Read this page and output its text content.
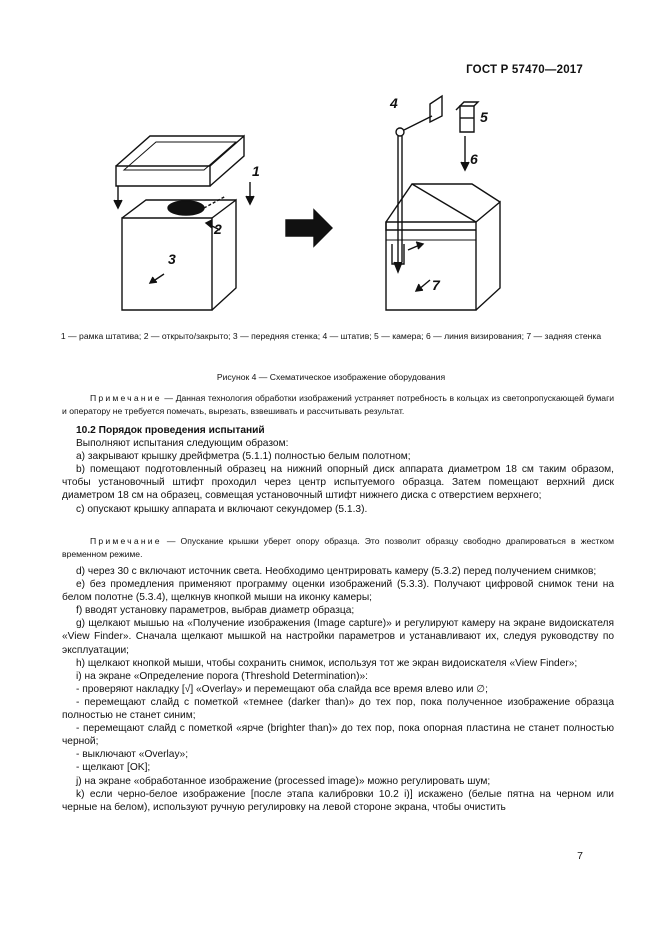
ГОСТ Р 57470—2017
1
2
3
4
5
6
7
1 — рамка штатива; 2 — открыто/закрыто; 3 — передняя стенка; 4 — штатив; 5 — камера; 6 — линия визирования; 7 — задняя стенка
Рисунок 4 — Схематическое изображение оборудования

Примечание — Данная технология обработки изображений устраняет потребность в кольцах из светопропускающей бумаги и оператору не требуется помечать, вырезать, взвешивать и рассчитывать результат.

10.2 Порядок проведения испытаний

Выполняют испытания следующим образом:

a) закрывают крышку дрейфметра (5.1.1) полностью белым полотном;

b) помещают подготовленный образец на нижний опорный диск аппарата диаметром 18 см таким образом, чтобы установочный штифт проходил через центр испытуемого образца. Затем помещают верхний диск диаметром 18 см на образец, совмещая установочный штифт нижнего диска с отверстием верхнего;

c) опускают крышку аппарата и включают секундомер (5.1.3).

Примечание — Опускание крышки уберет опору образца. Это позволит образцу свободно драпироваться в жестком временном режиме.

d) через 30 с включают источник света. Необходимо центрировать камеру (5.3.2) перед получением снимков;

e) без промедления применяют программу оценки изображений (5.3.3). Получают цифровой снимок тени на белом полотне (5.3.4), щелкнув кнопкой мыши на иконку камеры;

f) вводят установку параметров, выбрав диаметр образца;

g) щелкают мышью на «Получение изображения (Image capture)» и регулируют камеру на экране видоискателя «View Finder». Сначала щелкают мышкой на настройки параметров и устанавливают их, следуя руководству по эксплуатации;

h) щелкают кнопкой мыши, чтобы сохранить снимок, используя тот же экран видоискателя «View Finder»;

i) на экране «Определение порога (Threshold Determination)»:

- проверяют накладку [√] «Overlay» и перемещают оба слайда все время влево или ∅;

- перемещают слайд с пометкой «темнее (darker than)» до тех пор, пока полученное изображение образца полностью не станет синим;

- перемещают слайд с пометкой «ярче (brighter than)» до тех пор, пока опорная пластина не станет полностью черной;

- выключают «Overlay»;

- щелкают [OK];

j) на экране «обработанное изображение (processed image)» можно регулировать шум;

k) если черно-белое изображение [после этапа калибровки 10.2 i)] искажено (белые пятна на черном или черные на белом), используют ручную регулировку на левой стороне экрана, чтобы очистить

7
